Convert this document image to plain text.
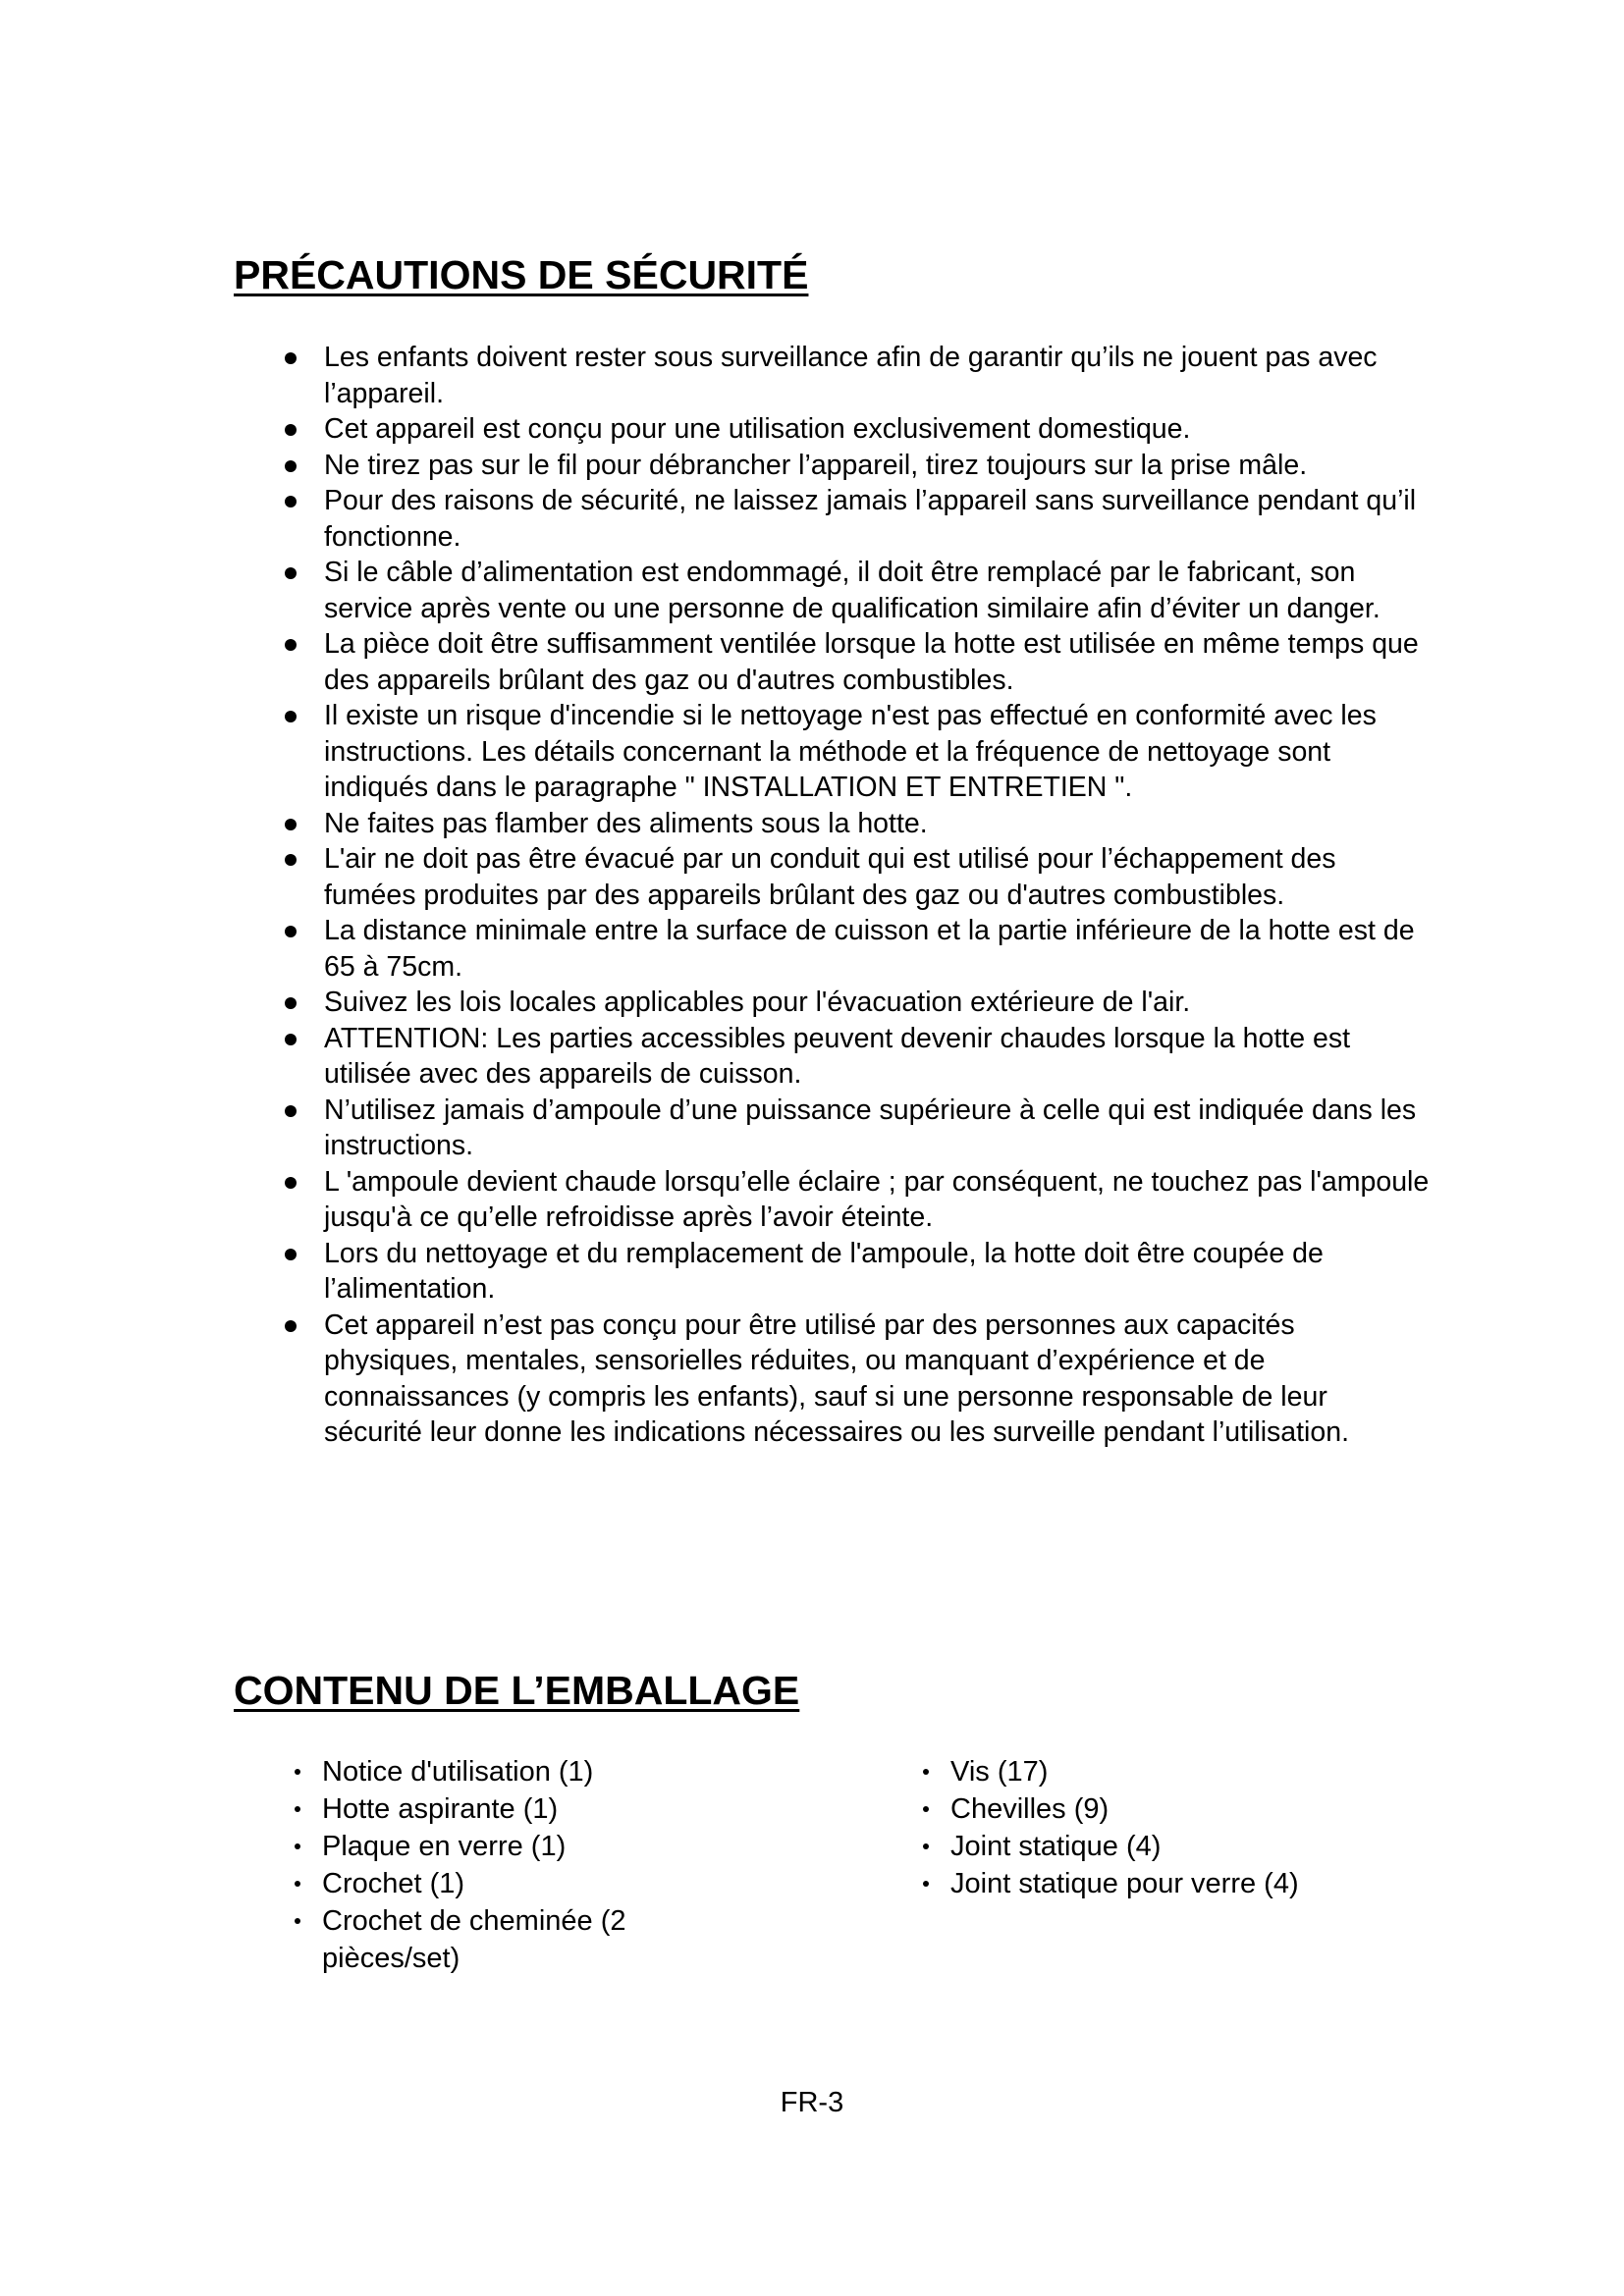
PRÉCAUTIONS DE SÉCURITÉ
Les enfants doivent rester sous surveillance afin de garantir qu’ils ne jouent pas avec l’appareil.
Cet appareil est conçu pour une utilisation exclusivement domestique.
Ne tirez pas sur le fil pour débrancher l’appareil, tirez toujours sur la prise mâle.
Pour des raisons de sécurité, ne laissez jamais l’appareil sans surveillance pendant qu’il fonctionne.
Si le câble d’alimentation est endommagé, il doit être remplacé par le fabricant, son service après vente ou une personne de qualification similaire afin d’éviter un danger.
La pièce doit être suffisamment ventilée lorsque la hotte est utilisée en même temps que des appareils brûlant des gaz ou d'autres combustibles.
Il existe un risque d'incendie si le nettoyage n'est pas effectué en conformité avec les instructions. Les détails concernant la méthode et la fréquence de nettoyage sont indiqués dans le paragraphe " INSTALLATION ET ENTRETIEN ".
Ne faites pas flamber des aliments sous la hotte.
L'air ne doit pas être évacué par un conduit qui est utilisé pour l’échappement des fumées produites par des appareils brûlant des gaz ou d'autres combustibles.
La distance minimale entre la surface de cuisson et la partie inférieure de la hotte est de 65 à 75cm.
Suivez les lois locales applicables pour l'évacuation extérieure de l'air.
ATTENTION: Les parties accessibles peuvent devenir chaudes lorsque la hotte est utilisée avec des appareils de cuisson.
N’utilisez jamais d’ampoule d’une puissance supérieure à celle qui est indiquée dans les instructions.
L 'ampoule devient chaude lorsqu’elle éclaire ; par conséquent, ne touchez pas l'ampoule jusqu'à ce qu’elle refroidisse après l’avoir éteinte.
Lors du nettoyage et du remplacement de l'ampoule, la hotte doit être coupée de l’alimentation.
Cet appareil n’est pas conçu pour être utilisé par des personnes aux capacités physiques, mentales, sensorielles réduites, ou manquant d’expérience et de connaissances (y compris les enfants), sauf si une personne responsable de leur sécurité leur donne les indications nécessaires ou les surveille pendant l’utilisation.
CONTENU DE L’EMBALLAGE
Notice d'utilisation (1)
Hotte aspirante (1)
Plaque en verre (1)
Crochet (1)
Crochet de cheminée (2 pièces/set)
Vis (17)
Chevilles (9)
Joint statique (4)
Joint statique pour verre (4)
FR-3
